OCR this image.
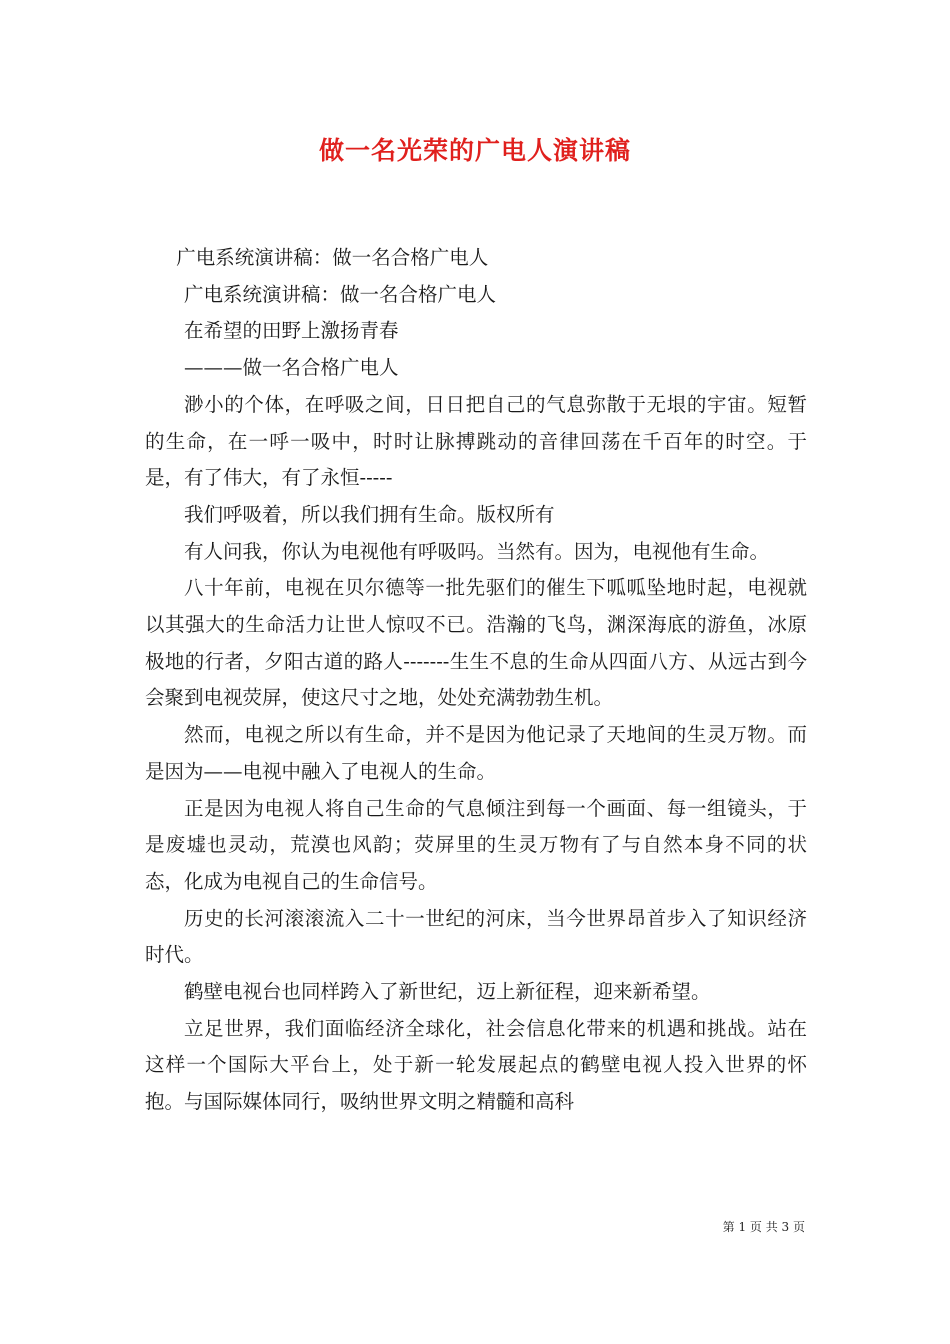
做一名光荣的广电人演讲稿

广电系统演讲稿：做一名合格广电人

广电系统演讲稿：做一名合格广电人

在希望的田野上激扬青春

———做一名合格广电人

渺小的个体，在呼吸之间，日日把自己的气息弥散于无垠的宇宙。短暂的生命，在一呼一吸中，时时让脉搏跳动的音律回荡在千百年的时空。于是，有了伟大，有了永恒-----

我们呼吸着，所以我们拥有生命。版权所有

有人问我，你认为电视他有呼吸吗。当然有。因为，电视他有生命。

八十年前，电视在贝尔德等一批先驱们的催生下呱呱坠地时起，电视就以其强大的生命活力让世人惊叹不已。浩瀚的飞鸟，渊深海底的游鱼，冰原极地的行者，夕阳古道的路人-------生生不息的生命从四面八方、从远古到今会聚到电视荧屏，使这尺寸之地，处处充满勃勃生机。

然而，电视之所以有生命，并不是因为他记录了天地间的生灵万物。而是因为——电视中融入了电视人的生命。

正是因为电视人将自己生命的气息倾注到每一个画面、每一组镜头，于是废墟也灵动，荒漠也风韵；荧屏里的生灵万物有了与自然本身不同的状态，化成为电视自己的生命信号。

历史的长河滚滚流入二十一世纪的河床，当今世界昂首步入了知识经济时代。

鹤壁电视台也同样跨入了新世纪，迈上新征程，迎来新希望。

立足世界，我们面临经济全球化，社会信息化带来的机遇和挑战。站在这样一个国际大平台上，处于新一轮发展起点的鹤壁电视人投入世界的怀抱。与国际媒体同行，吸纳世界文明之精髓和高科

第 1 页 共 3 页
